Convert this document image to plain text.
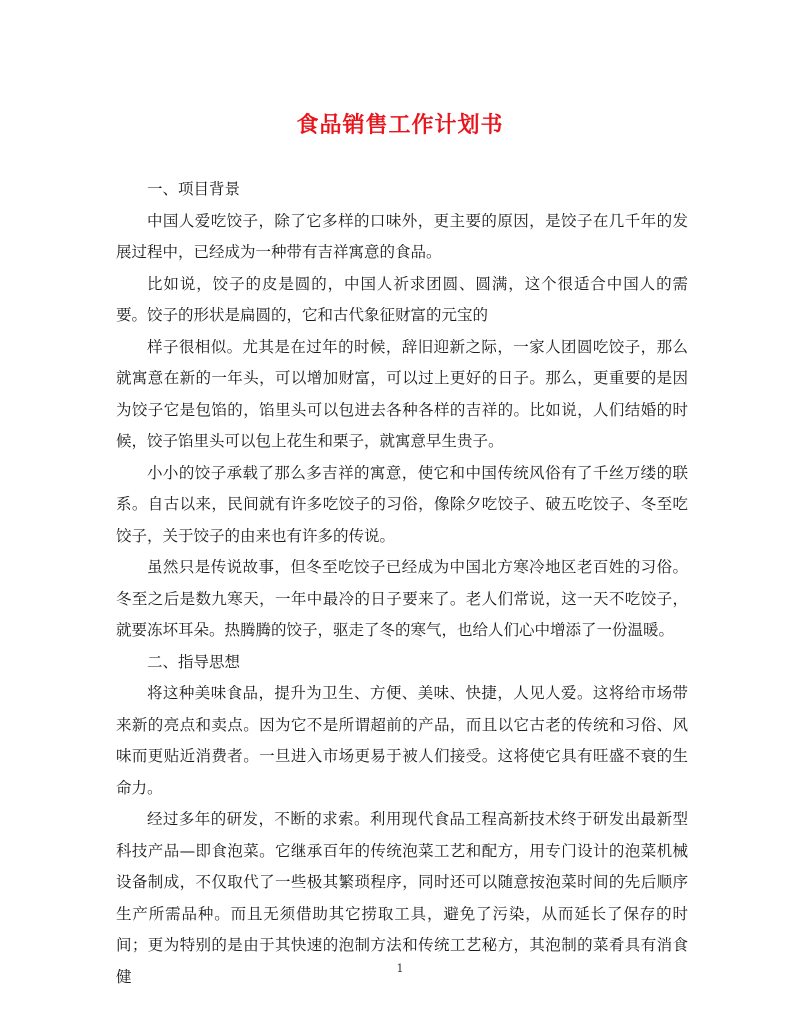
食品销售工作计划书

一、项目背景

中国人爱吃饺子，除了它多样的口味外，更主要的原因，是饺子在几千年的发展过程中，已经成为一种带有吉祥寓意的食品。

比如说，饺子的皮是圆的，中国人祈求团圆、圆满，这个很适合中国人的需要。饺子的形状是扁圆的，它和古代象征财富的元宝的

样子很相似。尤其是在过年的时候，辞旧迎新之际，一家人团圆吃饺子，那么就寓意在新的一年头，可以增加财富，可以过上更好的日子。那么，更重要的是因为饺子它是包馅的，馅里头可以包进去各种各样的吉祥的。比如说，人们结婚的时候，饺子馅里头可以包上花生和栗子，就寓意早生贵子。

小小的饺子承载了那么多吉祥的寓意，使它和中国传统风俗有了千丝万缕的联系。自古以来，民间就有许多吃饺子的习俗，像除夕吃饺子、破五吃饺子、冬至吃饺子，关于饺子的由来也有许多的传说。

虽然只是传说故事，但冬至吃饺子已经成为中国北方寒冷地区老百姓的习俗。冬至之后是数九寒天，一年中最冷的日子要来了。老人们常说，这一天不吃饺子，就要冻坏耳朵。热腾腾的饺子，驱走了冬的寒气，也给人们心中增添了一份温暖。

二、指导思想

将这种美味食品，提升为卫生、方便、美味、快捷，人见人爱。这将给市场带来新的亮点和卖点。因为它不是所谓超前的产品，而且以它古老的传统和习俗、风味而更贴近消费者。一旦进入市场更易于被人们接受。这将使它具有旺盛不衰的生命力。

经过多年的研发，不断的求索。利用现代食品工程高新技术终于研发出最新型科技产品—即食泡菜。它继承百年的传统泡菜工艺和配方，用专门设计的泡菜机械设备制成，不仅取代了一些极其繁琐程序，同时还可以随意按泡菜时间的先后顺序生产所需品种。而且无须借助其它捞取工具，避免了污染，从而延长了保存的时间；更为特别的是由于其快速的泡制方法和传统工艺秘方，其泡制的菜肴具有消食健	1
